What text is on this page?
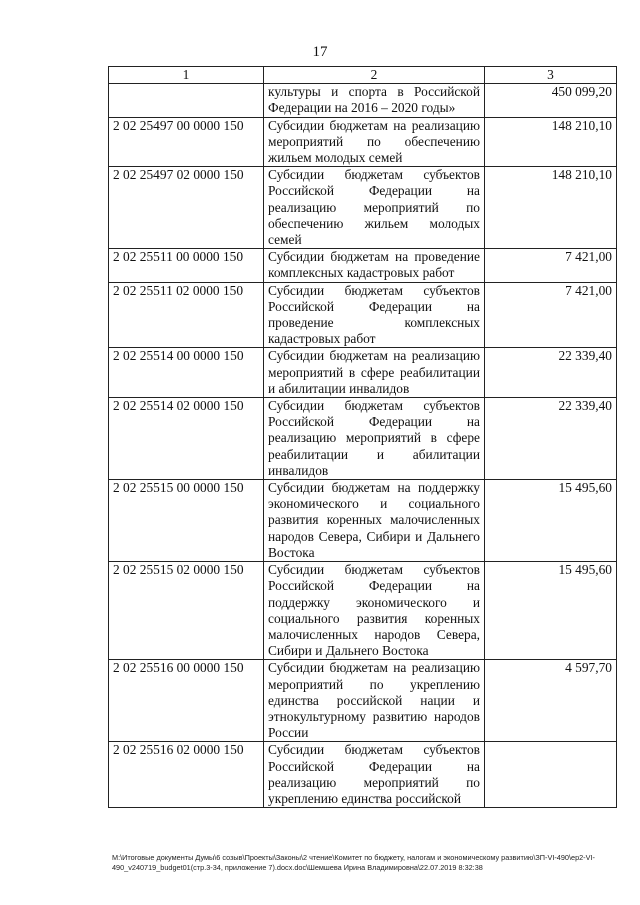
17
1	2	3
	культуры и спорта в Российской Федерации на 2016 – 2020 годы»	450 099,20
2 02 25497 00 0000 150	Субсидии бюджетам на реализацию мероприятий по обеспечению жильем молодых семей	148 210,10
2 02 25497 02 0000 150	Субсидии бюджетам субъектов Российской Федерации на реализацию мероприятий по обеспечению жильем молодых семей	148 210,10
2 02 25511 00 0000 150	Субсидии бюджетам на проведение комплексных кадастровых работ	7 421,00
2 02 25511 02 0000 150	Субсидии бюджетам субъектов Российской Федерации на проведение комплексных кадастровых работ	7 421,00
2 02 25514 00 0000 150	Субсидии бюджетам на реализацию мероприятий в сфере реабилитации и абилитации инвалидов	22 339,40
2 02 25514 02 0000 150	Субсидии бюджетам субъектов Российской Федерации на реализацию мероприятий в сфере реабилитации и абилитации инвалидов	22 339,40
2 02 25515 00 0000 150	Субсидии бюджетам на поддержку экономического и социального развития коренных малочисленных народов Севера, Сибири и Дальнего Востока	15 495,60
2 02 25515 02 0000 150	Субсидии бюджетам субъектов Российской Федерации на поддержку экономического и социального развития коренных малочисленных народов Севера, Сибири и Дальнего Востока	15 495,60
2 02 25516 00 0000 150	Субсидии бюджетам на реализацию мероприятий по укреплению единства российской нации и этнокультурному развитию народов России	4 597,70
2 02 25516 02 0000 150	Субсидии бюджетам субъектов Российской Федерации на реализацию мероприятий по укреплению единства российской	
M:\Итоговые документы Думы\6 созыв\Проекты\Законы\2 чтение\Комитет по бюджету, налогам и экономическому развитию\ЗП-VI-490\ep2-VI-490_v240719_budget01(стр.3-34, приложение 7).docx.doc\Шемшева Ирина Владимировна\22.07.2019 8:32:38
